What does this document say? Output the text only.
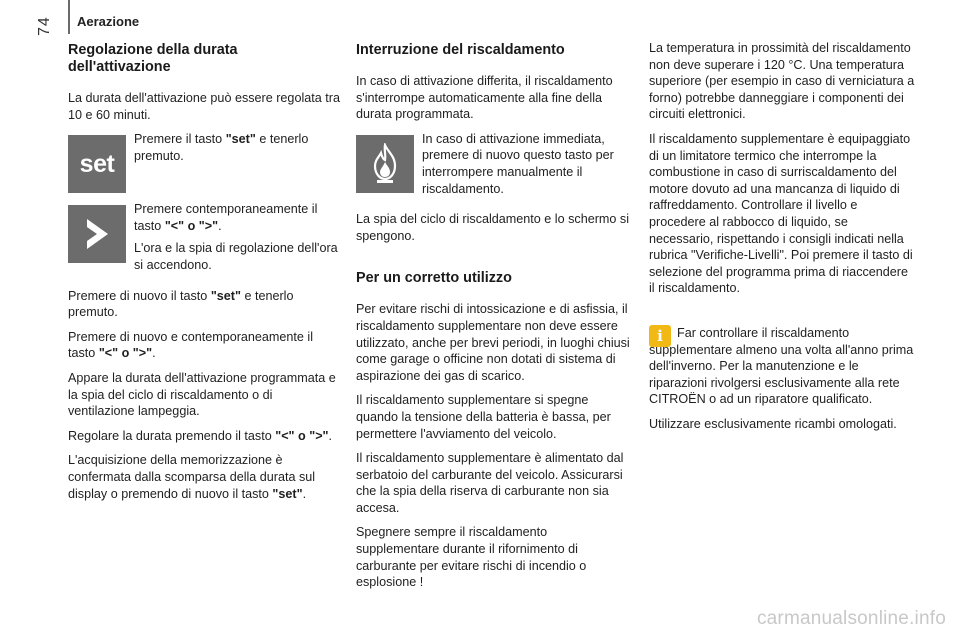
74 Aerazione
Regolazione della durata dell'attivazione

La durata dell'attivazione può essere regolata tra 10 e 60 minuti.

set

Premere il tasto "set" e tenerlo premuto.

Premere contemporaneamente il tasto "<" o ">".

L'ora e la spia di regolazione dell'ora si accendono.

Premere di nuovo il tasto "set" e tenerlo premuto.

Premere di nuovo e contemporaneamente il tasto "<" o ">".

Appare la durata dell'attivazione programmata e la spia del ciclo di riscaldamento o di ventilazione lampeggia.

Regolare la durata premendo il tasto "<" o ">".

L'acquisizione della memorizzazione è confermata dalla scomparsa della durata sul display o premendo di nuovo il tasto "set".

Interruzione del riscaldamento

In caso di attivazione differita, il riscaldamento s'interrompe automaticamente alla fine della durata programmata.

In caso di attivazione immediata, premere di nuovo questo tasto per interrompere manualmente il riscaldamento.

La spia del ciclo di riscaldamento e lo schermo si spengono.

Per un corretto utilizzo

Per evitare rischi di intossicazione e di asfissia, il riscaldamento supplementare non deve essere utilizzato, anche per brevi periodi, in luoghi chiusi come garage o officine non dotati di sistema di aspirazione dei gas di scarico.

Il riscaldamento supplementare si spegne quando la tensione della batteria è bassa, per permettere l'avviamento del veicolo.

Il riscaldamento supplementare è alimentato dal serbatoio del carburante del veicolo. Assicurarsi che la spia della riserva di carburante non sia accesa.

Spegnere sempre il riscaldamento supplementare durante il rifornimento di carburante per evitare rischi di incendio o esplosione !

La temperatura in prossimità del riscaldamento non deve superare i 120 °C. Una temperatura superiore (per esempio in caso di verniciatura a forno) potrebbe danneggiare i componenti dei circuiti elettronici.

Il riscaldamento supplementare è equipaggiato di un limitatore termico che interrompe la combustione in caso di surriscaldamento del motore dovuto ad una mancanza di liquido di raffreddamento. Controllare il livello e procedere al rabbocco di liquido, se necessario, rispettando i consigli indicati nella rubrica "Verifiche-Livelli". Poi premere il tasto di selezione del programma prima di riaccendere il riscaldamento.

i	Far controllare il riscaldamento supplementare almeno una volta all'anno prima dell'inverno. Per la manutenzione e le riparazioni rivolgersi esclusivamente alla rete CITROËN o ad un riparatore qualificato.

Utilizzare esclusivamente ricambi omologati.

carmanualsonline.info
